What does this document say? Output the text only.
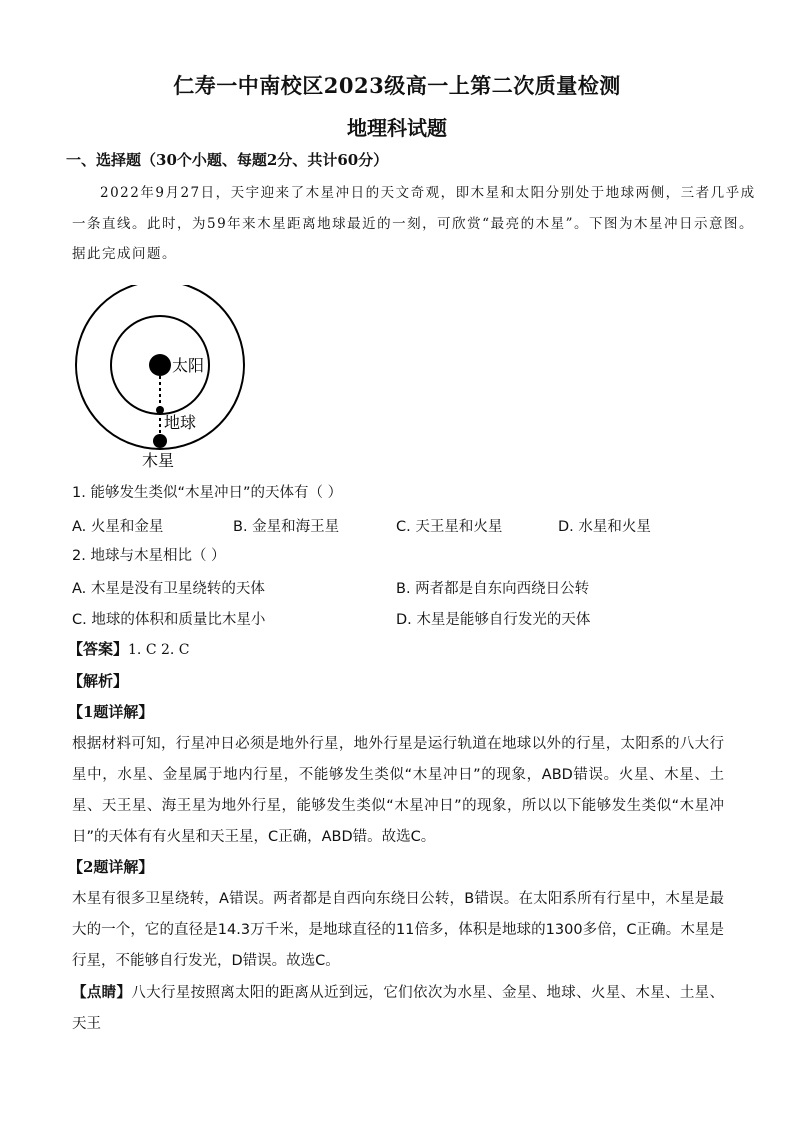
仁寿一中南校区2023级高一上第二次质量检测
地理科试题
一、选择题（30个小题、每题2分、共计60分）
2022年9月27日，天宇迎来了木星冲日的天文奇观，即木星和太阳分别处于地球两侧，三者几乎成
一条直线。此时，为59年来木星距离地球最近的一刻，可欣赏“最亮的木星”。下图为木星冲日示意图。
据此完成问题。
太阳
地球
木星
1. 能够发生类似“木星冲日”的天体有（ ）
A. 火星和金星	B. 金星和海王星	C. 天王星和火星	D. 水星和火星
2. 地球与木星相比（ ）
A. 木星是没有卫星绕转的天体	B. 两者都是自东向西绕日公转
C. 地球的体积和质量比木星小	D. 木星是能够自行发光的天体
【答案】1. C 2. C
【解析】
【1题详解】
根据材料可知，行星冲日必须是地外行星，地外行星是运行轨道在地球以外的行星，太阳系的八大行星中，水星、金星属于地内行星，不能够发生类似“木星冲日”的现象，ABD错误。火星、木星、土星、天王星、海王星为地外行星，能够发生类似“木星冲日”的现象，所以以下能够发生类似“木星冲日”的天体有有火星和天王星，C正确，ABD错。故选C。
【2题详解】
木星有很多卫星绕转，A错误。两者都是自西向东绕日公转，B错误。在太阳系所有行星中，木星是最大的一个，它的直径是14.3万千米，是地球直径的11倍多，体积是地球的1300多倍，C正确。木星是行星，不能够自行发光，D错误。故选C。
【点睛】八大行星按照离太阳的距离从近到远，它们依次为水星、金星、地球、火星、木星、土星、天王
